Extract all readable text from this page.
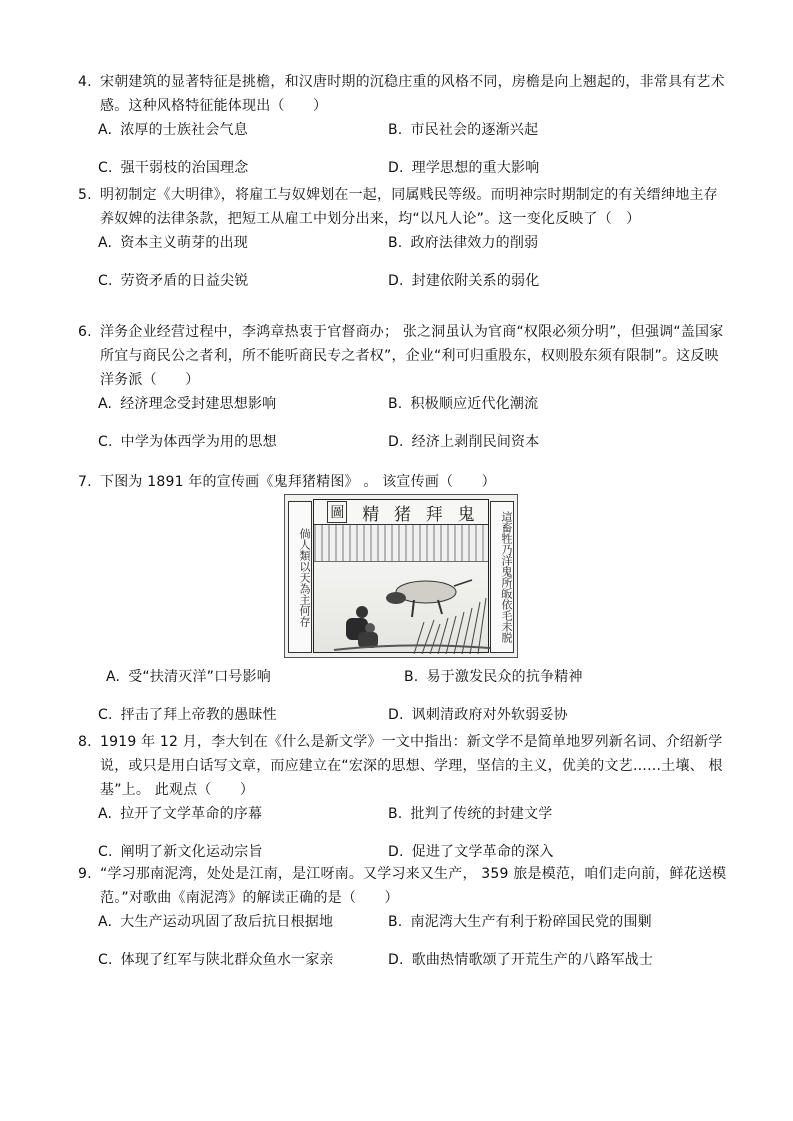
4. 宋朝建筑的显著特征是挑檐，和汉唐时期的沉稳庄重的风格不同，房檐是向上翘起的，非常具有艺术感。这种风格特征能体现出（　　）
A. 浓厚的士族社会气息	B. 市民社会的逐渐兴起
C. 强干弱枝的治国理念	D. 理学思想的重大影响
5. 明初制定《大明律》，将雇工与奴婢划在一起，同属贱民等级。而明神宗时期制定的有关缙绅地主存养奴婢的法律条款，把短工从雇工中划分出来，均“以凡人论”。这一变化反映了（　）
A. 资本主义萌芽的出现	B. 政府法律效力的削弱
C. 劳资矛盾的日益尖锐	D. 封建依附关系的弱化
6. 洋务企业经营过程中，李鸿章热衷于官督商办； 张之洞虽认为官商“权限必须分明”，但强调“盖国家所宜与商民公之者利，所不能听商民专之者权”，企业“利可归重股东，权则股东须有限制”。这反映洋务派（　　）
A. 经济理念受封建思想影响	B. 积极顺应近代化潮流
C. 中学为体西学为用的思想	D. 经济上剥削民间资本
7. 下图为 1891 年的宣传画《鬼拜猪精图》 。 该宣传画（　　）
倘人類以天為主何存
圖 精 猪 拜 鬼	這畜牲乃洋鬼所皈依毛未脱
A. 受“扶清灭洋”口号影响	B. 易于激发民众的抗争精神
C. 抨击了拜上帝教的愚昧性	D. 讽刺清政府对外软弱妥协
8. 1919 年 12 月，李大钊在《什么是新文学》一文中指出：新文学不是简单地罗列新名词、介绍新学说，或只是用白话写文章，而应建立在“宏深的思想、学理，坚信的主义，优美的文艺……土壤、 根基”上。 此观点（　　）
A. 拉开了文学革命的序幕	B. 批判了传统的封建文学
C. 阐明了新文化运动宗旨	D. 促进了文学革命的深入
9. “学习那南泥湾，处处是江南，是江呀南。又学习来又生产， 359 旅是模范，咱们走向前，鲜花送模范。”对歌曲《南泥湾》的解读正确的是（　　）
A. 大生产运动巩固了敌后抗日根据地	B. 南泥湾大生产有利于粉碎国民党的围剿
C. 体现了红军与陕北群众鱼水一家亲	D. 歌曲热情歌颂了开荒生产的八路军战士
